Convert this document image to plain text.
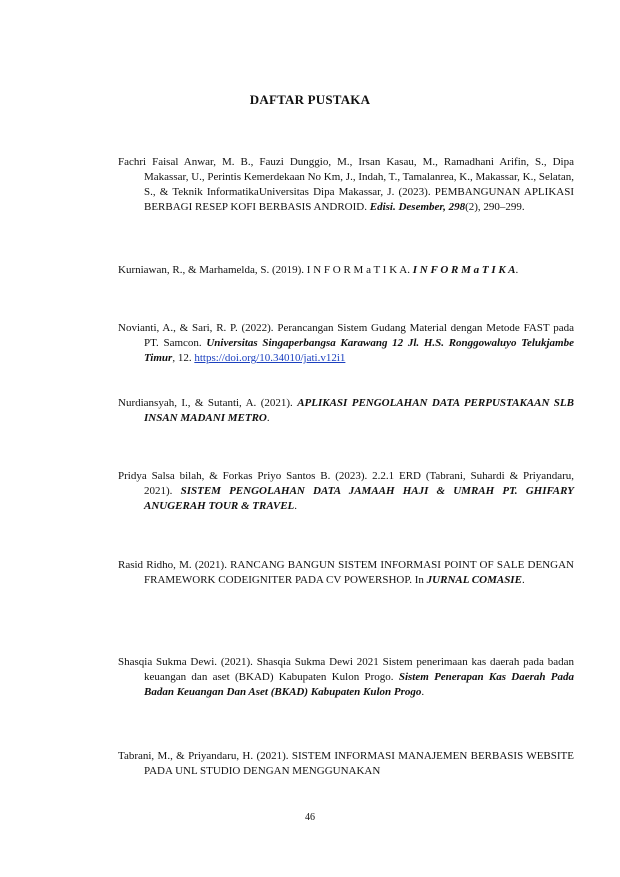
DAFTAR PUSTAKA
Fachri Faisal Anwar, M. B., Fauzi Dunggio, M., Irsan Kasau, M., Ramadhani Arifin, S., Dipa Makassar, U., Perintis Kemerdekaan No Km, J., Indah, T., Tamalanrea, K., Makassar, K., Selatan, S., & Teknik InformatikaUniversitas Dipa Makassar, J. (2023). PEMBANGUNAN APLIKASI BERBAGI RESEP KOFI BERBASIS ANDROID. Edisi. Desember, 298(2), 290–299.
Kurniawan, R., & Marhamelda, S. (2019). I N F O R M a T I K A. I N F O R M a T I K A.
Novianti, A., & Sari, R. P. (2022). Perancangan Sistem Gudang Material dengan Metode FAST pada PT. Samcon. Universitas Singaperbangsa Karawang 12 Jl. H.S. Ronggowaluyo Telukjambe Timur, 12. https://doi.org/10.34010/jati.v12i1
Nurdiansyah, I., & Sutanti, A. (2021). APLIKASI PENGOLAHAN DATA PERPUSTAKAAN SLB INSAN MADANI METRO.
Pridya Salsa bilah, & Forkas Priyo Santos B. (2023). 2.2.1 ERD (Tabrani, Suhardi & Priyandaru, 2021). SISTEM PENGOLAHAN DATA JAMAAH HAJI & UMRAH PT. GHIFARY ANUGERAH TOUR & TRAVEL.
Rasid Ridho, M. (2021). RANCANG BANGUN SISTEM INFORMASI POINT OF SALE DENGAN FRAMEWORK CODEIGNITER PADA CV POWERSHOP. In JURNAL COMASIE.
Shasqia Sukma Dewi. (2021). Shasqia Sukma Dewi 2021 Sistem penerimaan kas daerah pada badan keuangan dan aset (BKAD) Kabupaten Kulon Progo. Sistem Penerapan Kas Daerah Pada Badan Keuangan Dan Aset (BKAD) Kabupaten Kulon Progo.
Tabrani, M., & Priyandaru, H. (2021). SISTEM INFORMASI MANAJEMEN BERBASIS WEBSITE PADA UNL STUDIO DENGAN MENGGUNAKAN
46
